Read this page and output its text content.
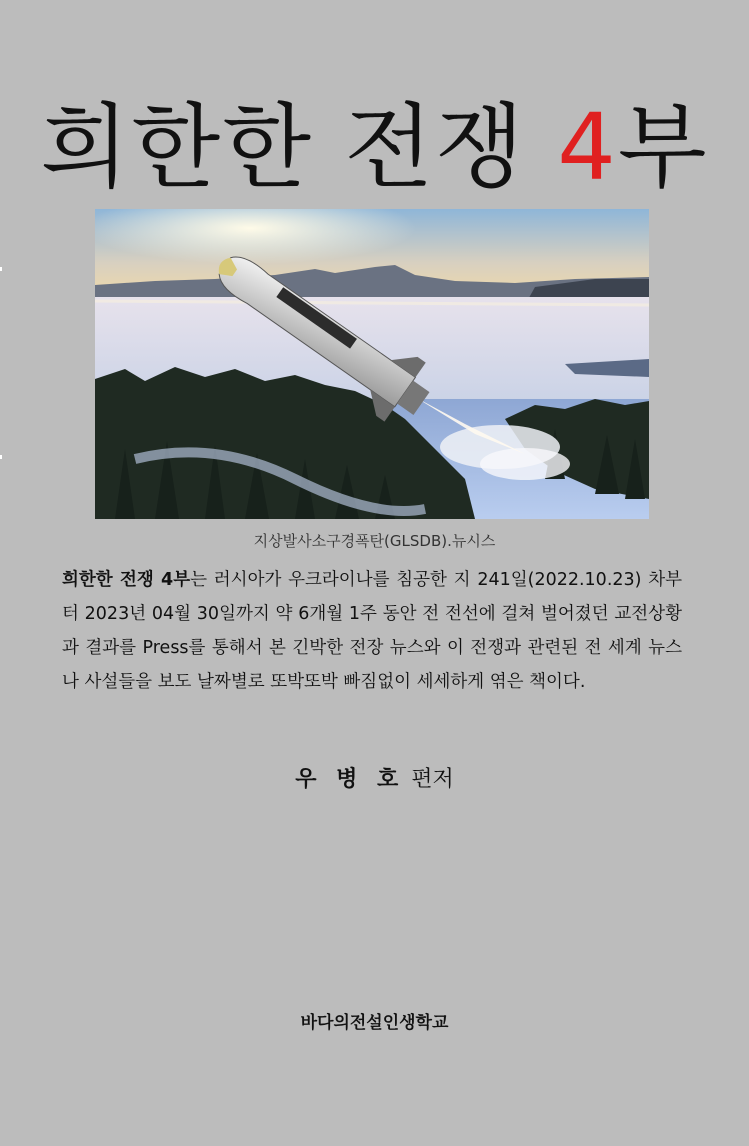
희한한 전쟁 4부
지상발사소구경폭탄(GLSDB).뉴시스
희한한 전쟁 4부는 러시아가 우크라이나를 침공한 지 241일(2022.10.23) 차부터 2023년 04월 30일까지 약 6개월 1주 동안 전 전선에 걸쳐 벌어졌던 교전상황과 결과를 Press를 통해서 본 긴박한 전장 뉴스와 이 전쟁과 관련된 전 세계 뉴스나 사설들을 보도 날짜별로 또박또박 빠짐없이 세세하게 엮은 책이다.
우 병 호 편저
바다의전설인생학교
